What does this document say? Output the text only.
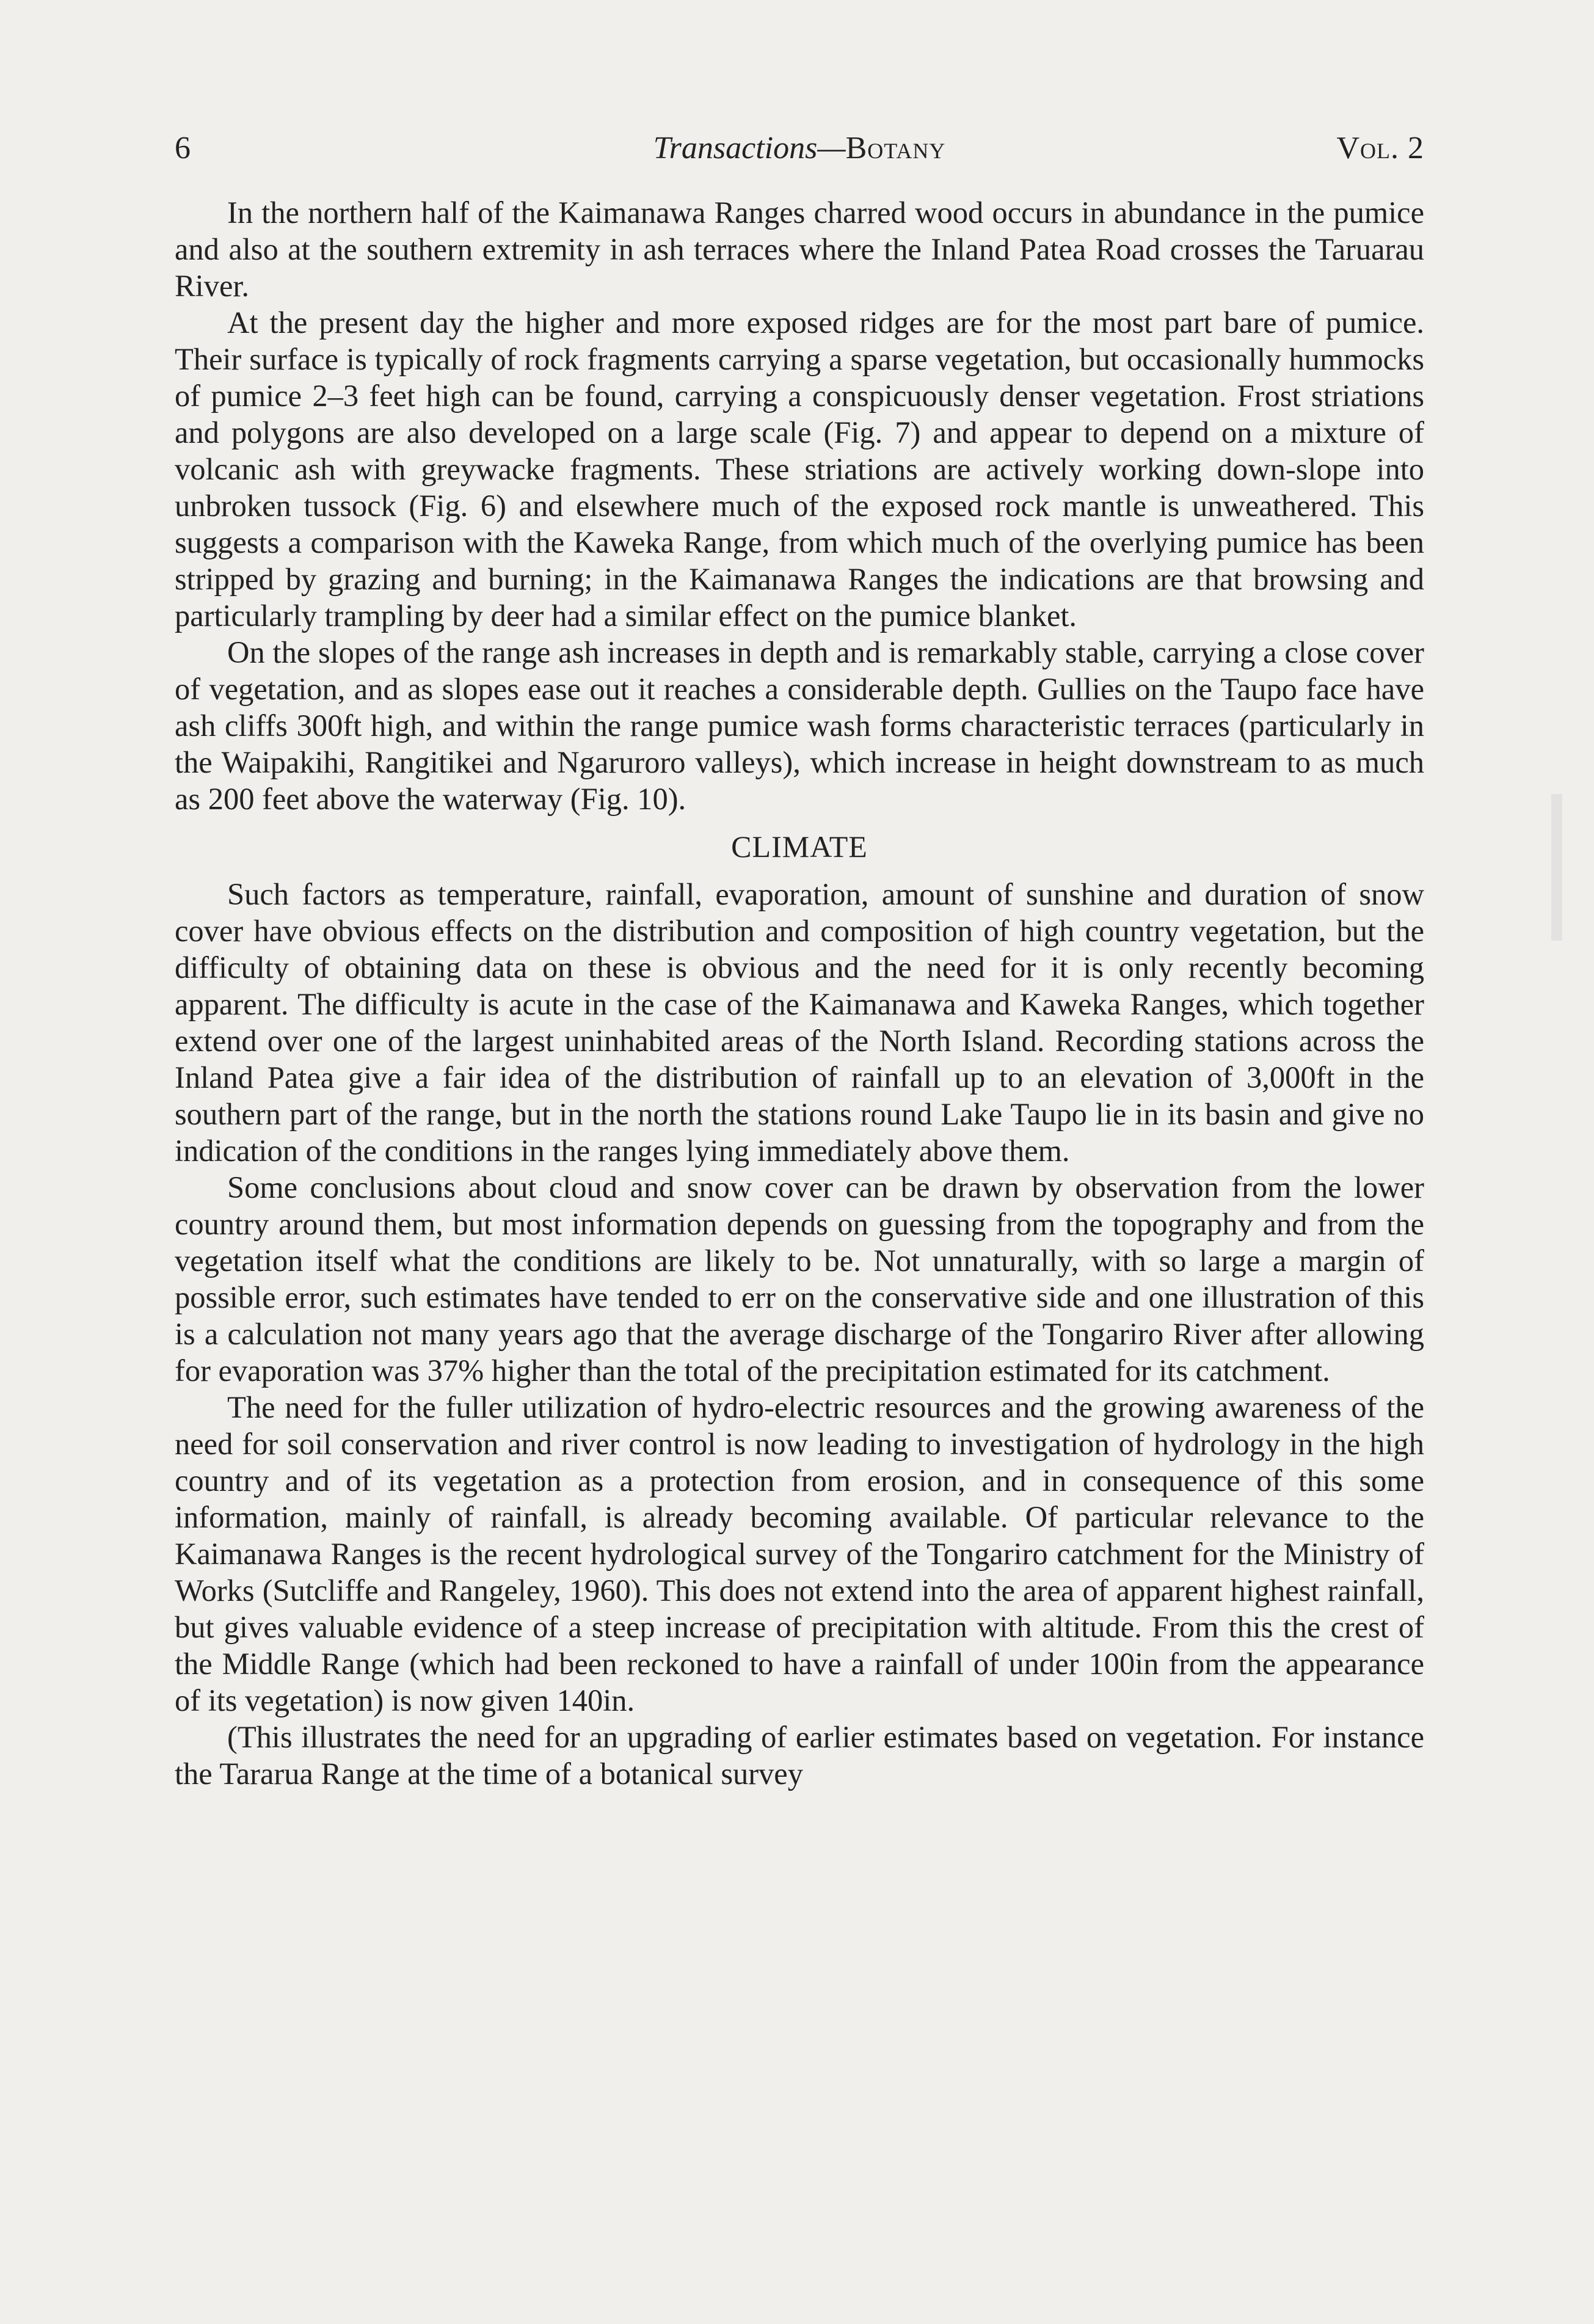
6	Transactions—Botany	Vol. 2

In the northern half of the Kaimanawa Ranges charred wood occurs in abundance in the pumice and also at the southern extremity in ash terraces where the Inland Patea Road crosses the Taruarau River.

At the present day the higher and more exposed ridges are for the most part bare of pumice. Their surface is typically of rock fragments carrying a sparse vegetation, but occasionally hummocks of pumice 2–3 feet high can be found, carrying a conspicuously denser vegetation. Frost striations and polygons are also developed on a large scale (Fig. 7) and appear to depend on a mixture of volcanic ash with greywacke fragments. These striations are actively working down-slope into unbroken tussock (Fig. 6) and elsewhere much of the exposed rock mantle is unweathered. This suggests a comparison with the Kaweka Range, from which much of the overlying pumice has been stripped by grazing and burning; in the Kaimanawa Ranges the indications are that browsing and particularly trampling by deer had a similar effect on the pumice blanket.

On the slopes of the range ash increases in depth and is remarkably stable, carrying a close cover of vegetation, and as slopes ease out it reaches a considerable depth. Gullies on the Taupo face have ash cliffs 300ft high, and within the range pumice wash forms characteristic terraces (particularly in the Waipakihi, Rangitikei and Ngaruroro valleys), which increase in height downstream to as much as 200 feet above the waterway (Fig. 10).

CLIMATE

Such factors as temperature, rainfall, evaporation, amount of sunshine and duration of snow cover have obvious effects on the distribution and composition of high country vegetation, but the difficulty of obtaining data on these is obvious and the need for it is only recently becoming apparent. The difficulty is acute in the case of the Kaimanawa and Kaweka Ranges, which together extend over one of the largest uninhabited areas of the North Island. Recording stations across the Inland Patea give a fair idea of the distribution of rainfall up to an elevation of 3,000ft in the southern part of the range, but in the north the stations round Lake Taupo lie in its basin and give no indication of the conditions in the ranges lying immediately above them.

Some conclusions about cloud and snow cover can be drawn by observation from the lower country around them, but most information depends on guessing from the topography and from the vegetation itself what the conditions are likely to be. Not unnaturally, with so large a margin of possible error, such estimates have tended to err on the conservative side and one illustration of this is a calculation not many years ago that the average discharge of the Tongariro River after allowing for evaporation was 37% higher than the total of the precipitation estimated for its catchment.

The need for the fuller utilization of hydro-electric resources and the growing awareness of the need for soil conservation and river control is now leading to investigation of hydrology in the high country and of its vegetation as a protection from erosion, and in consequence of this some information, mainly of rainfall, is already becoming available. Of particular relevance to the Kaimanawa Ranges is the recent hydrological survey of the Tongariro catchment for the Ministry of Works (Sutcliffe and Rangeley, 1960). This does not extend into the area of apparent highest rainfall, but gives valuable evidence of a steep increase of precipitation with altitude. From this the crest of the Middle Range (which had been reckoned to have a rainfall of under 100in from the appearance of its vegetation) is now given 140in.

(This illustrates the need for an upgrading of earlier estimates based on vegetation. For instance the Tararua Range at the time of a botanical survey
